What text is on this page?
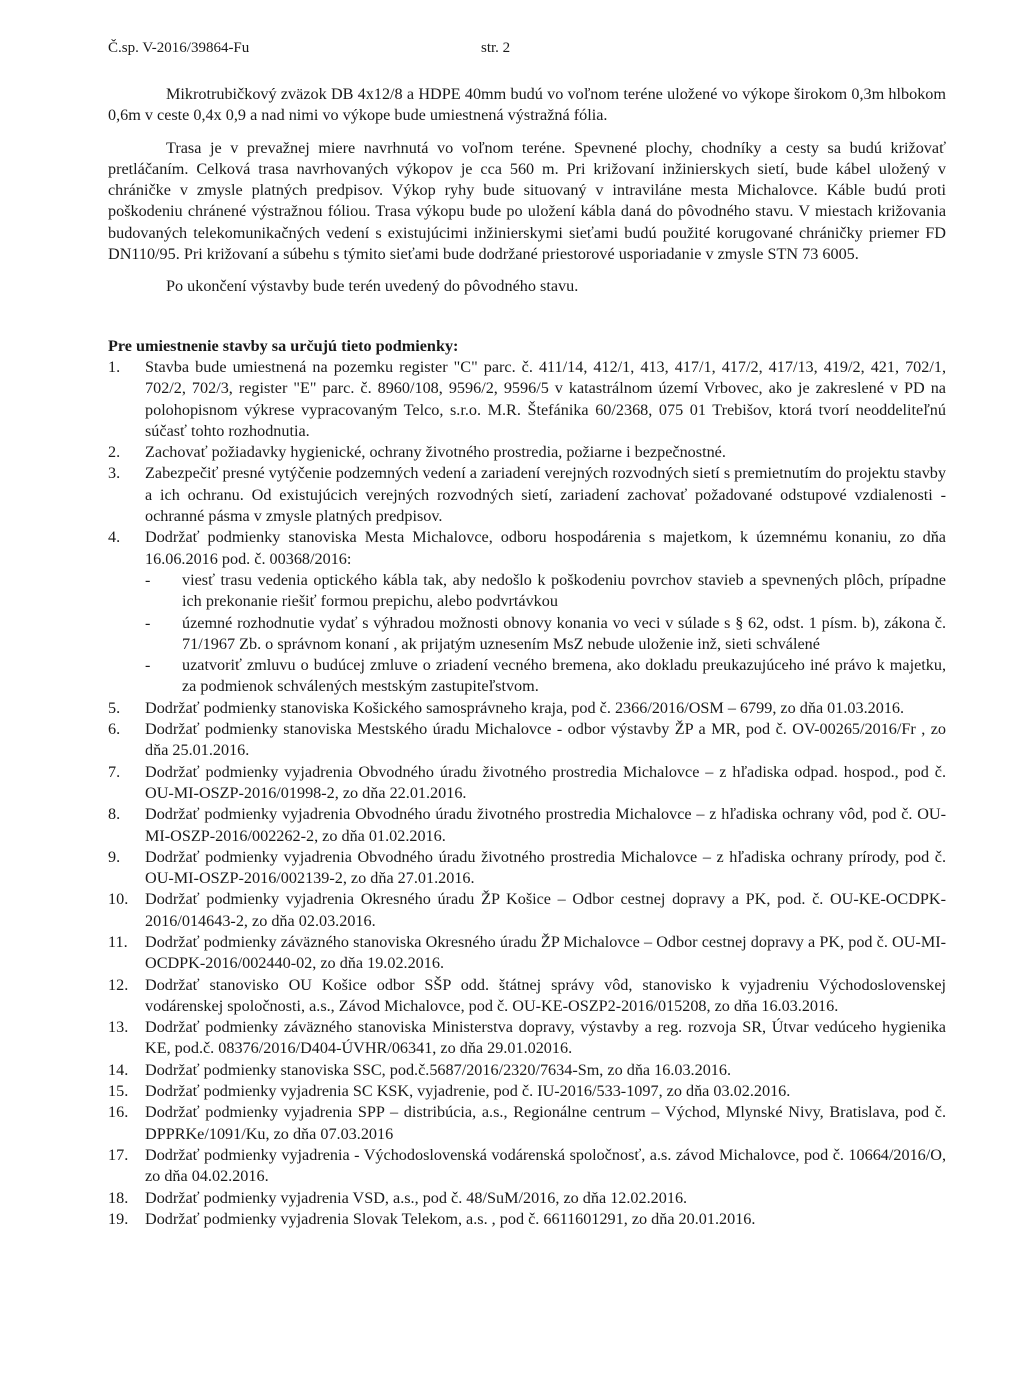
Č.sp. V-2016/39864-Fu	str. 2

Mikrotrubičkový zväzok DB 4x12/8 a HDPE 40mm budú vo voľnom teréne uložené vo výkope širokom 0,3m hlbokom 0,6m v ceste 0,4x 0,9 a nad nimi vo výkope bude umiestnená výstražná fólia.

Trasa je v prevažnej miere navrhnutá vo voľnom teréne. Spevnené plochy, chodníky a cesty sa budú križovať pretláčaním. Celková trasa navrhovaných výkopov je cca 560 m. Pri križovaní inžinierskych sietí, bude kábel uložený v chráničke v zmysle platných predpisov. Výkop ryhy bude situovaný v intraviláne mesta Michalovce. Káble budú proti poškodeniu chránené výstražnou fóliou. Trasa výkopu bude po uložení kábla daná do pôvodného stavu. V miestach križovania budovaných telekomunikačných vedení s existujúcimi inžinierskymi sieťami budú použité korugované chráničky priemer FD DN110/95. Pri križovaní a súbehu s týmito sieťami bude dodržané priestorové usporiadanie v zmysle STN 73 6005.

Po ukončení výstavby bude terén uvedený do pôvodného stavu.

Pre umiestnenie stavby sa určujú tieto podmienky:

1. Stavba bude umiestnená na pozemku register "C" parc. č. 411/14, 412/1, 413, 417/1, 417/2, 417/13, 419/2, 421, 702/1, 702/2, 702/3, register "E" parc. č. 8960/108, 9596/2, 9596/5 v katastrálnom území Vrbovec, ako je zakreslené v PD na polohopisnom výkrese vypracovaným Telco, s.r.o. M.R. Štefánika 60/2368, 075 01 Trebišov, ktorá tvorí neoddeliteľnú súčasť tohto rozhodnutia.
2. Zachovať požiadavky hygienické, ochrany životného prostredia, požiarne i bezpečnostné.
3. Zabezpečiť presné vytýčenie podzemných vedení a zariadení verejných rozvodných sietí s premietnutím do projektu stavby a ich ochranu. Od existujúcich verejných rozvodných sietí, zariadení zachovať požadované odstupové vzdialenosti - ochranné pásma v zmysle platných predpisov.
4. Dodržať podmienky stanoviska Mesta Michalovce, odboru hospodárenia s majetkom, k územnému konaniu, zo dňa 16.06.2016 pod. č. 00368/2016:
- viesť trasu vedenia optického kábla tak, aby nedošlo k poškodeniu povrchov stavieb a spevnených plôch, prípadne ich prekonanie riešiť formou prepichu, alebo podvrtávkou
- územné rozhodnutie vydať s výhradou možnosti obnovy konania vo veci v súlade s § 62, odst. 1 písm. b), zákona č. 71/1967 Zb. o správnom konaní , ak prijatým uznesením MsZ nebude uloženie inž, sieti schválené
- uzatvoriť zmluvu o budúcej zmluve o zriadení vecného bremena, ako dokladu preukazujúceho iné právo k majetku, za podmienok schválených mestským zastupiteľstvom.
5. Dodržať podmienky stanoviska Košického samosprávneho kraja, pod č. 2366/2016/OSM – 6799, zo dňa 01.03.2016.
6. Dodržať podmienky stanoviska Mestského úradu Michalovce - odbor výstavby ŽP a MR, pod č. OV-00265/2016/Fr , zo dňa 25.01.2016.
7. Dodržať podmienky vyjadrenia Obvodného úradu životného prostredia Michalovce – z hľadiska odpad. hospod., pod č. OU-MI-OSZP-2016/01998-2, zo dňa 22.01.2016.
8. Dodržať podmienky vyjadrenia Obvodného úradu životného prostredia Michalovce – z hľadiska ochrany vôd, pod č. OU-MI-OSZP-2016/002262-2, zo dňa 01.02.2016.
9. Dodržať podmienky vyjadrenia Obvodného úradu životného prostredia Michalovce – z hľadiska ochrany prírody, pod č. OU-MI-OSZP-2016/002139-2, zo dňa 27.01.2016.
10. Dodržať podmienky vyjadrenia Okresného úradu ŽP Košice – Odbor cestnej dopravy a PK, pod. č. OU-KE-OCDPK-2016/014643-2, zo dňa 02.03.2016.
11. Dodržať podmienky záväzného stanoviska Okresného úradu ŽP Michalovce – Odbor cestnej dopravy a PK, pod č. OU-MI-OCDPK-2016/002440-02, zo dňa 19.02.2016.
12. Dodržať stanovisko OU Košice odbor SŠP odd. štátnej správy vôd, stanovisko k vyjadreniu Východoslovenskej vodárenskej spoločnosti, a.s., Závod Michalovce, pod č. OU-KE-OSZP2-2016/015208, zo dňa 16.03.2016.
13. Dodržať podmienky záväzného stanoviska Ministerstva dopravy, výstavby a reg. rozvoja SR, Útvar vedúceho hygienika KE, pod.č. 08376/2016/D404-ÚVHR/06341, zo dňa 29.01.02016.
14. Dodržať podmienky stanoviska SSC, pod.č.5687/2016/2320/7634-Sm, zo dňa 16.03.2016.
15. Dodržať podmienky vyjadrenia SC KSK, vyjadrenie, pod č. IU-2016/533-1097, zo dňa 03.02.2016.
16. Dodržať podmienky vyjadrenia SPP – distribúcia, a.s., Regionálne centrum – Východ, Mlynské Nivy, Bratislava, pod č. DPPRKe/1091/Ku, zo dňa 07.03.2016
17. Dodržať podmienky vyjadrenia - Východoslovenská vodárenská spoločnosť, a.s. závod Michalovce, pod č. 10664/2016/O, zo dňa 04.02.2016.
18. Dodržať podmienky vyjadrenia VSD, a.s., pod č. 48/SuM/2016, zo dňa 12.02.2016.
19. Dodržať podmienky vyjadrenia Slovak Telekom, a.s. , pod č. 6611601291, zo dňa 20.01.2016.
